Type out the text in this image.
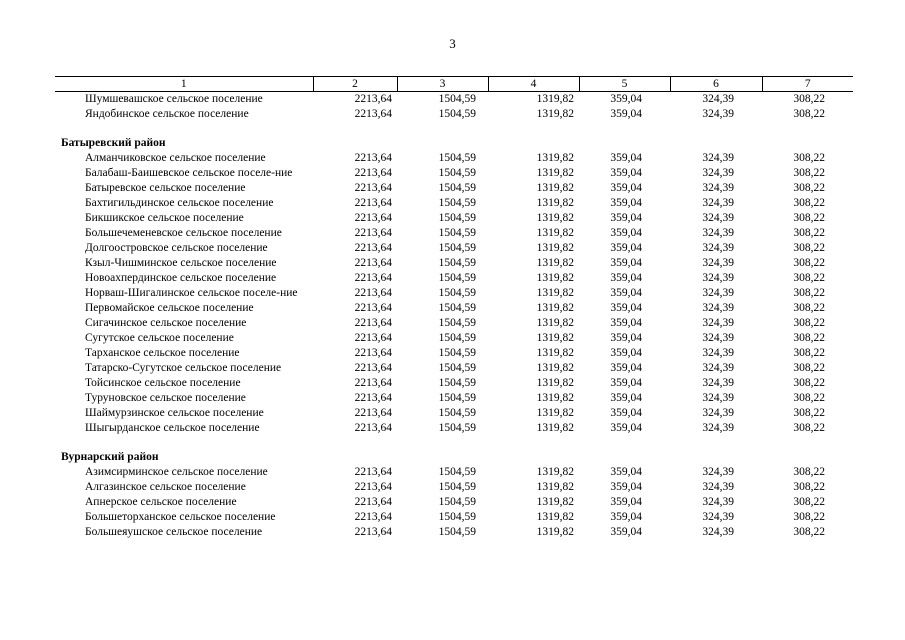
3
1	2	3	4	5	6	7
Шумшевашское сельское поселение	2213,64	1504,59	1319,82	359,04	324,39	308,22
Яндобинское сельское поселение	2213,64	1504,59	1319,82	359,04	324,39	308,22

Батыревский район						
Алманчиковское сельское поселение	2213,64	1504,59	1319,82	359,04	324,39	308,22
Балабаш-Баишевское сельское поселе-ние	2213,64	1504,59	1319,82	359,04	324,39	308,22
Батыревское сельское поселение	2213,64	1504,59	1319,82	359,04	324,39	308,22
Бахтигильдинское сельское поселение	2213,64	1504,59	1319,82	359,04	324,39	308,22
Бикшикское сельское поселение	2213,64	1504,59	1319,82	359,04	324,39	308,22
Большечеменевское сельское поселение	2213,64	1504,59	1319,82	359,04	324,39	308,22
Долгоостровское сельское поселение	2213,64	1504,59	1319,82	359,04	324,39	308,22
Кзыл-Чишминское сельское поселение	2213,64	1504,59	1319,82	359,04	324,39	308,22
Новоахпердинское сельское поселение	2213,64	1504,59	1319,82	359,04	324,39	308,22
Норваш-Шигалинское сельское поселе-ние	2213,64	1504,59	1319,82	359,04	324,39	308,22
Первомайское сельское поселение	2213,64	1504,59	1319,82	359,04	324,39	308,22
Сигачинское сельское поселение	2213,64	1504,59	1319,82	359,04	324,39	308,22
Сугутское сельское поселение	2213,64	1504,59	1319,82	359,04	324,39	308,22
Тарханское сельское поселение	2213,64	1504,59	1319,82	359,04	324,39	308,22
Татарско-Сугутское сельское поселение	2213,64	1504,59	1319,82	359,04	324,39	308,22
Тойсинское сельское поселение	2213,64	1504,59	1319,82	359,04	324,39	308,22
Туруновское сельское поселение	2213,64	1504,59	1319,82	359,04	324,39	308,22
Шаймурзинское сельское поселение	2213,64	1504,59	1319,82	359,04	324,39	308,22
Шыгырданское сельское поселение	2213,64	1504,59	1319,82	359,04	324,39	308,22

Вурнарский район						
Азимсирминское сельское поселение	2213,64	1504,59	1319,82	359,04	324,39	308,22
Алгазинское сельское поселение	2213,64	1504,59	1319,82	359,04	324,39	308,22
Апнерское сельское поселение	2213,64	1504,59	1319,82	359,04	324,39	308,22
Большеторханское сельское поселение	2213,64	1504,59	1319,82	359,04	324,39	308,22
Большеяушское сельское поселение	2213,64	1504,59	1319,82	359,04	324,39	308,22
